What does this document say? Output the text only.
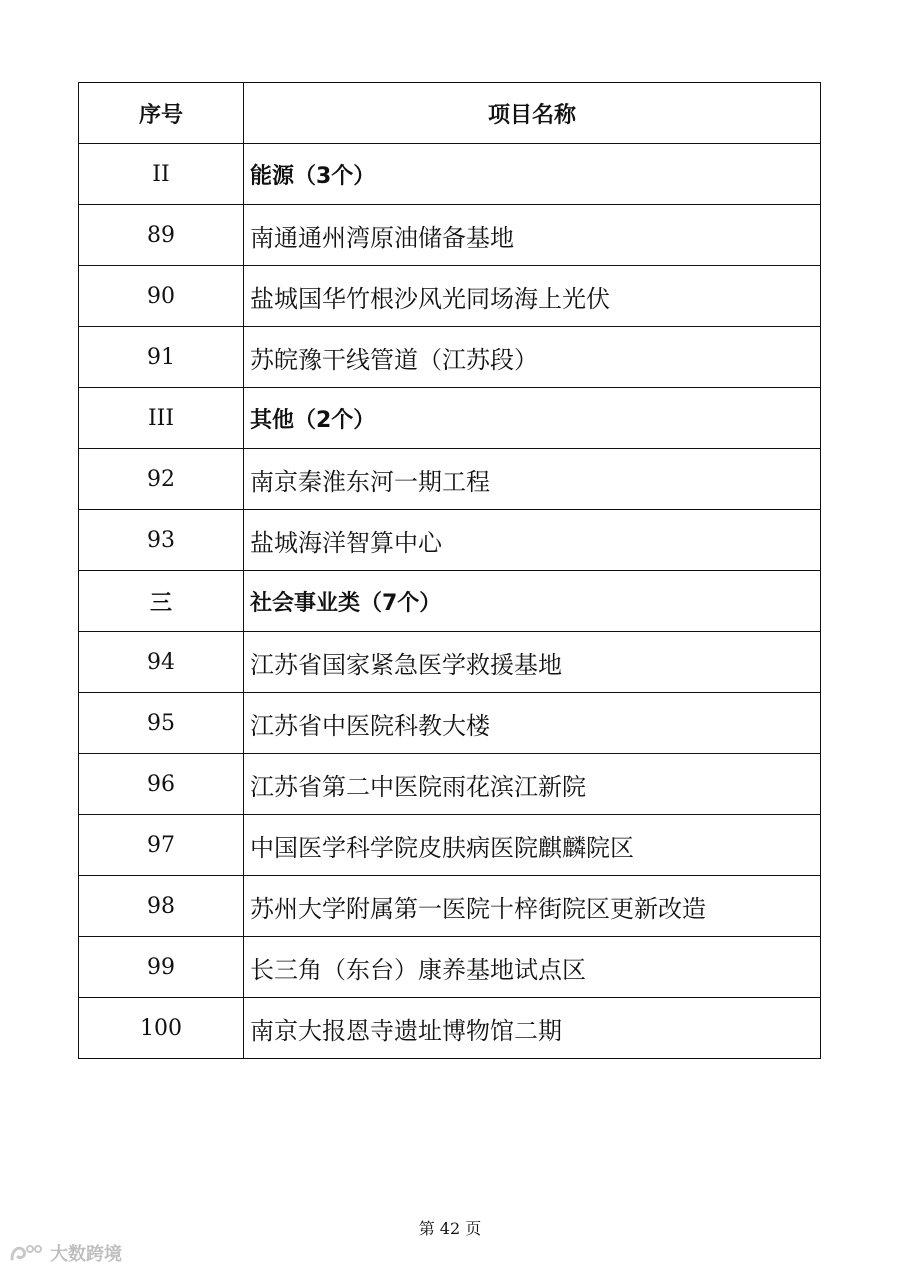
序号	项目名称
II	能源（3个）
89	南通通州湾原油储备基地
90	盐城国华竹根沙风光同场海上光伏
91	苏皖豫干线管道（江苏段）
III	其他（2个）
92	南京秦淮东河一期工程
93	盐城海洋智算中心
三	社会事业类（7个）
94	江苏省国家紧急医学救援基地
95	江苏省中医院科教大楼
96	江苏省第二中医院雨花滨江新院
97	中国医学科学院皮肤病医院麒麟院区
98	苏州大学附属第一医院十梓街院区更新改造
99	长三角（东台）康养基地试点区
100	南京大报恩寺遗址博物馆二期
第 42 页
大数跨境
